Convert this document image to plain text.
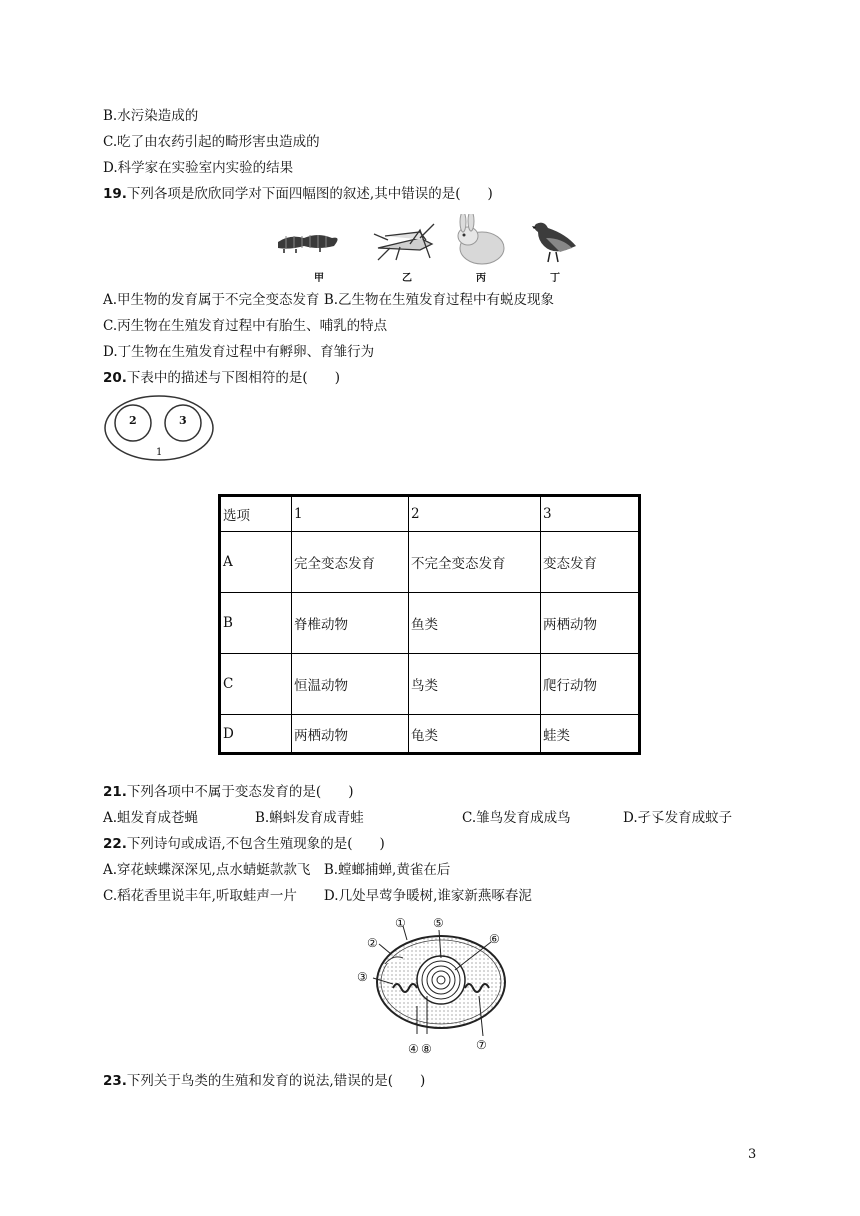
B.水污染造成的
C.吃了由农药引起的畸形害虫造成的
D.科学家在实验室内实验的结果
19.下列各项是欣欣同学对下面四幅图的叙述,其中错误的是(　　)
甲	乙	丙	丁
A.甲生物的发育属于不完全变态发育 B.乙生物在生殖发育过程中有蜕皮现象
C.丙生物在生殖发育过程中有胎生、哺乳的特点
D.丁生物在生殖发育过程中有孵卵、育雏行为
20.下表中的描述与下图相符的是(　　)
2	3
1
选项	1	2	3
A	完全变态发育	不完全变态发育	变态发育
B	脊椎动物	鱼类	两栖动物
C	恒温动物	鸟类	爬行动物
D	两栖动物	龟类	蛙类
21.下列各项中不属于变态发育的是(　　)
A.蛆发育成苍蝇	B.蝌蚪发育成青蛙	C.雏鸟发育成成鸟	D.孑孓发育成蚊子
22.下列诗句或成语,不包含生殖现象的是(　　)
A.穿花蛱蝶深深见,点水蜻蜓款款飞　B.螳螂捕蝉,黄雀在后
C.稻花香里说丰年,听取蛙声一片　　D.几处早莺争暖树,谁家新燕啄春泥
①
②
③
④
⑤
⑥
⑦
⑧
23.下列关于鸟类的生殖和发育的说法,错误的是(　　)
3
